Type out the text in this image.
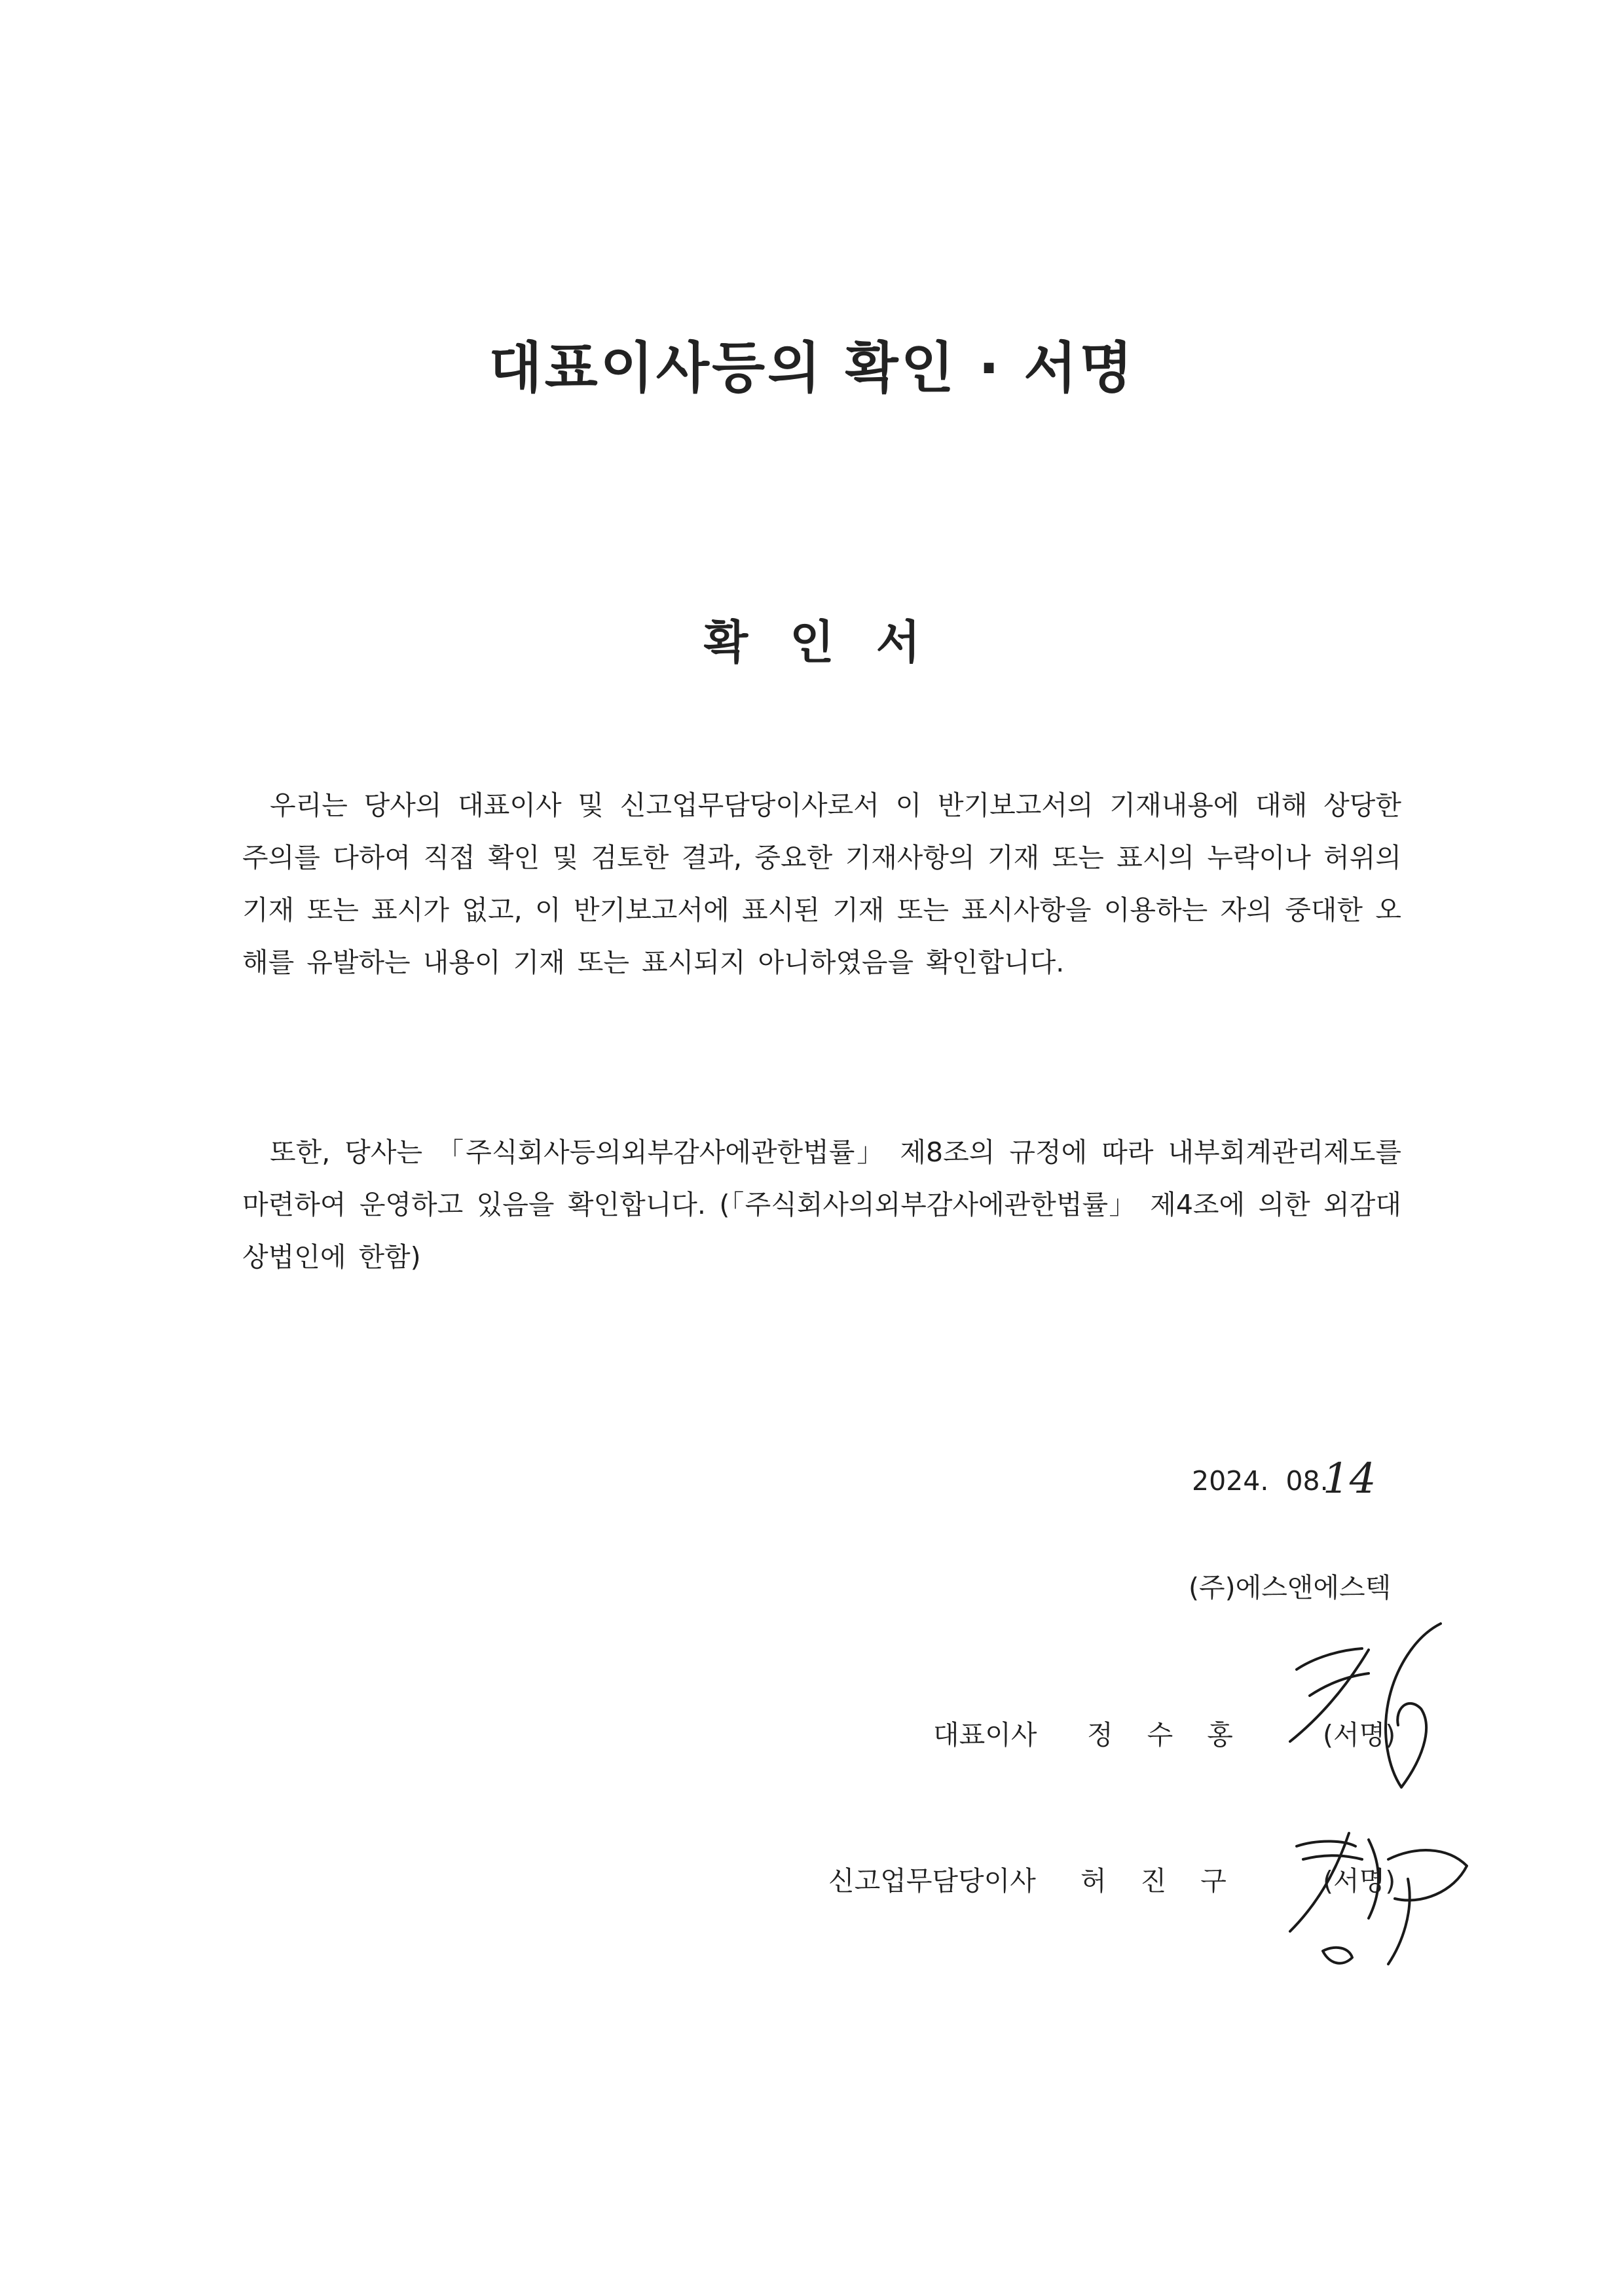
대표이사등의 확인 · 서명
확인서
우리는 당사의 대표이사 및 신고업무담당이사로서 이 반기보고서의 기재내용에 대해 상당한 주의를 다하여 직접 확인 및 검토한 결과, 중요한 기재사항의 기재 또는 표시의 누락이나 허위의 기재 또는 표시가 없고, 이 반기보고서에 표시된 기재 또는 표시사항을 이용하는 자의 중대한 오해를 유발하는 내용이 기재 또는 표시되지 아니하였음을 확인합니다.
또한, 당사는 「주식회사등의외부감사에관한법률」 제8조의 규정에 따라 내부회계관리제도를 마련하여 운영하고 있음을 확인합니다. (「주식회사의외부감사에관한법률」 제4조에 의한 외감대상법인에 한함)
2024.  08.
14
(주)에스앤에스텍
대표이사 정수홍 (서명)
신고업무담당이사 허진구 (서명)
